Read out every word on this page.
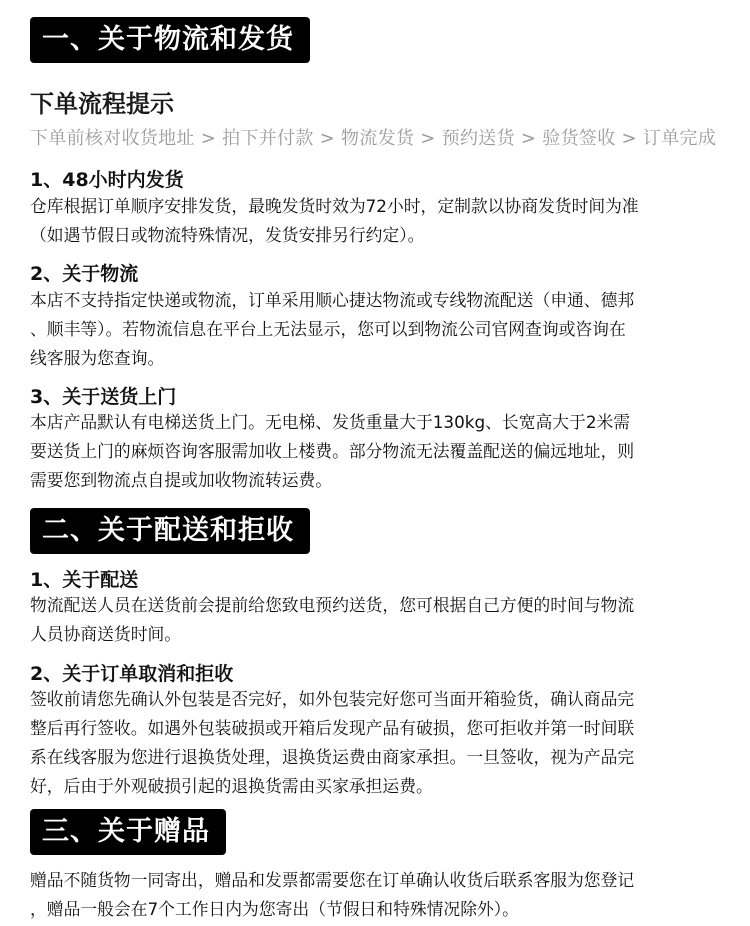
一、关于物流和发货
下单流程提示
下单前核对收货地址 > 拍下并付款 > 物流发货 > 预约送货 > 验货签收 > 订单完成
1、48小时内发货
仓库根据订单顺序安排发货，最晚发货时效为72小时，定制款以协商发货时间为准
（如遇节假日或物流特殊情况，发货安排另行约定）。
2、关于物流
本店不支持指定快递或物流，订单采用顺心捷达物流或专线物流配送（申通、德邦
、顺丰等）。若物流信息在平台上无法显示，您可以到物流公司官网查询或咨询在
线客服为您查询。
3、关于送货上门
本店产品默认有电梯送货上门。无电梯、发货重量大于130kg、长宽高大于2米需
要送货上门的麻烦咨询客服需加收上楼费。部分物流无法覆盖配送的偏远地址，则
需要您到物流点自提或加收物流转运费。
二、关于配送和拒收
1、关于配送
物流配送人员在送货前会提前给您致电预约送货，您可根据自己方便的时间与物流
人员协商送货时间。
2、关于订单取消和拒收
签收前请您先确认外包装是否完好，如外包装完好您可当面开箱验货，确认商品完
整后再行签收。如遇外包装破损或开箱后发现产品有破损，您可拒收并第一时间联
系在线客服为您进行退换货处理，退换货运费由商家承担。一旦签收，视为产品完
好，后由于外观破损引起的退换货需由买家承担运费。
三、关于赠品
赠品不随货物一同寄出，赠品和发票都需要您在订单确认收货后联系客服为您登记
，赠品一般会在7个工作日内为您寄出（节假日和特殊情况除外）。
